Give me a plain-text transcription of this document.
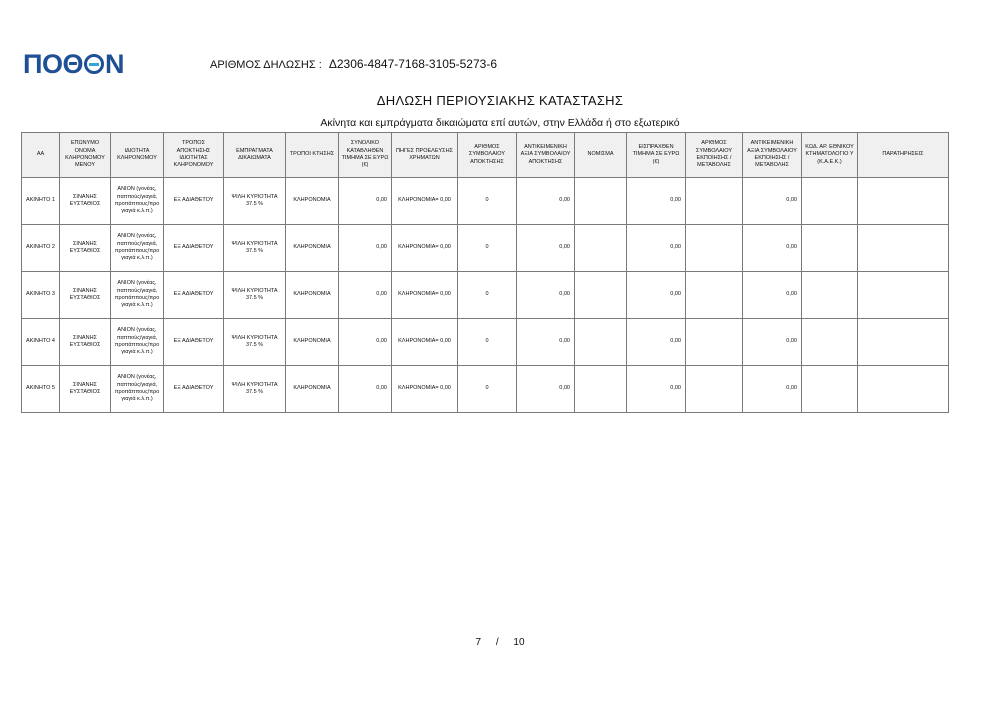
ΠΟΘ Ν	ΑΡΙΘΜΟΣ ΔΗΛΩΣΗΣ : Δ2306-4847-7168-3105-5273-6
ΔΗΛΩΣΗ ΠΕΡΙΟΥΣΙΑΚΗΣ ΚΑΤΑΣΤΑΣΗΣ
Ακίνητα και εμπράγματα δικαιώματα επί αυτών, στην Ελλάδα ή στο εξωτερικό
ΑΑ	ΕΠΩΝΥΜΟ ΟΝΟΜΑ ΚΛΗΡΟΝΟΜΟΥ ΜΕΝΟΥ	ΙΔΙΟΤΗΤΑ ΚΛΗΡΟΝΟΜΟΥ	ΤΡΟΠΟΣ ΑΠΟΚΤΗΣΗΣ ΙΔΙΟΤΗΤΑΣ ΚΛΗΡΟΝΟΜΟΥ	ΕΜΠΡΑΓΜΑΤΑ ΔΙΚΑΙΩΜΑΤΑ	ΤΡΟΠΟΙ ΚΤΗΣΗΣ	ΣΥΝΟΛΙΚΟ ΚΑΤΑΒΛΗΘΕΝ ΤΙΜΗΜΑ ΣΕ ΕΥΡΩ (€)	ΠΗΓΕΣ ΠΡΟΕΛΕΥΣΗΣ ΧΡΗΜΑΤΩΝ	ΑΡΙΘΜΟΣ ΣΥΜΒΟΛΑΙΟΥ ΑΠΟΚΤΗΣΗΣ	ΑΝΤΙΚΕΙΜΕΝΙΚΗ ΑΞΙΑ ΣΥΜΒΟΛΑΙΟΥ ΑΠΟΚΤΗΣΗΣ	ΝΟΜΙΣΜΑ	ΕΙΣΠΡΑΧΘΕΝ ΤΙΜΗΜΑ ΣΕ ΕΥΡΩ (€)	ΑΡΙΘΜΟΣ ΣΥΜΒΟΛΑΙΟΥ ΕΚΠΟΙΗΣΗΣ /ΜΕΤΑΒΟΛΗΣ	ΑΝΤΙΚΕΙΜΕΝΙΚΗ ΑΞΙΑ ΣΥΜΒΟΛΑΙΟΥ ΕΚΠΟΙΗΣΗΣ / ΜΕΤΑΒΟΛΗΣ	ΚΩΔ. ΑΡ. ΕΘΝΙΚΟΥ ΚΤΗΜΑΤΟΛΟΓΙΟ Υ (Κ.Α.Ε.Κ.)	ΠΑΡΑΤΗΡΗΣΕΙΣ
ΑΚΙΝΗΤΟ 1	ΣΙΝΑΝΗΣ ΕΥΣΤΑΘΙΟΣ	ΑΝΙΟΝ (γονέας, παππούς/γιαγιά, προπάππους/προ γιαγιά κ.λ.π.)	ΕΞ ΑΔΙΑΘΕΤΟΥ	ΨΙΛΗ ΚΥΡΙΟΤΗΤΑ 37.5 %	ΚΛΗΡΟΝΟΜΙΑ	0,00	ΚΛΗΡΟΝΟΜΙΑ= 0,00	0	0,00		0,00		0,00		
ΑΚΙΝΗΤΟ 2	ΣΙΝΑΝΗΣ ΕΥΣΤΑΘΙΟΣ	ΑΝΙΟΝ (γονέας, παππούς/γιαγιά, προπάππους/προ γιαγιά κ.λ.π.)	ΕΞ ΑΔΙΑΘΕΤΟΥ	ΨΙΛΗ ΚΥΡΙΟΤΗΤΑ 37.5 %	ΚΛΗΡΟΝΟΜΙΑ	0,00	ΚΛΗΡΟΝΟΜΙΑ= 0,00	0	0,00		0,00		0,00		
ΑΚΙΝΗΤΟ 3	ΣΙΝΑΝΗΣ ΕΥΣΤΑΘΙΟΣ	ΑΝΙΟΝ (γονέας, παππούς/γιαγιά, προπάππους/προ γιαγιά κ.λ.π.)	ΕΞ ΑΔΙΑΘΕΤΟΥ	ΨΙΛΗ ΚΥΡΙΟΤΗΤΑ 37.5 %	ΚΛΗΡΟΝΟΜΙΑ	0,00	ΚΛΗΡΟΝΟΜΙΑ= 0,00	0	0,00		0,00		0,00		
ΑΚΙΝΗΤΟ 4	ΣΙΝΑΝΗΣ ΕΥΣΤΑΘΙΟΣ	ΑΝΙΟΝ (γονέας, παππούς/γιαγιά, προπάππους/προ γιαγιά κ.λ.π.)	ΕΞ ΑΔΙΑΘΕΤΟΥ	ΨΙΛΗ ΚΥΡΙΟΤΗΤΑ 37.5 %	ΚΛΗΡΟΝΟΜΙΑ	0,00	ΚΛΗΡΟΝΟΜΙΑ= 0,00	0	0,00		0,00		0,00		
ΑΚΙΝΗΤΟ 5	ΣΙΝΑΝΗΣ ΕΥΣΤΑΘΙΟΣ	ΑΝΙΟΝ (γονέας, παππούς/γιαγιά, προπάππους/προ γιαγιά κ.λ.π.)	ΕΞ ΑΔΙΑΘΕΤΟΥ	ΨΙΛΗ ΚΥΡΙΟΤΗΤΑ 37.5 %	ΚΛΗΡΟΝΟΜΙΑ	0,00	ΚΛΗΡΟΝΟΜΙΑ= 0,00	0	0,00		0,00		0,00		
7 / 10
